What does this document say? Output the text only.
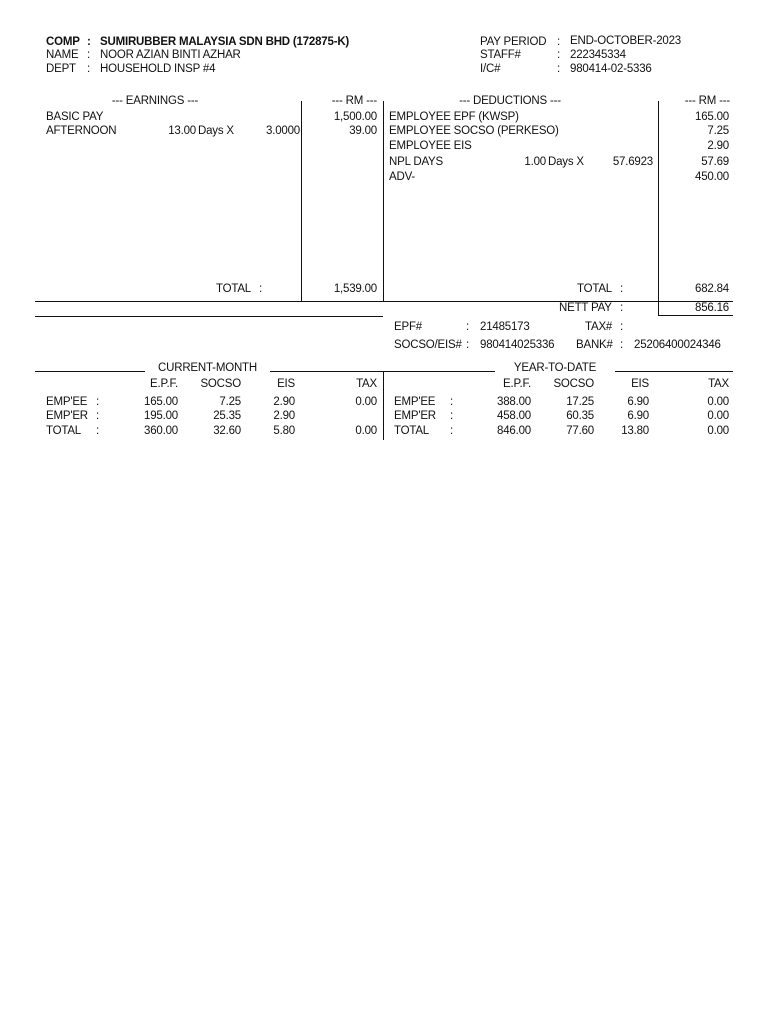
COMP : SUMIRUBBER MALAYSIA SDN BHD (172875-K)
NAME : NOOR AZIAN BINTI AZHAR
DEPT : HOUSEHOLD INSP #4
PAY PERIOD : END-OCTOBER-2023
STAFF#	: 222345334
I/C#	: 980414-02-5336
--- EARNINGS ---	--- RM ---	--- DEDUCTIONS ---	--- RM ---
BASIC PAY	1,500.00
AFTERNOON	13.00 Days X	3.0000	39.00
EMPLOYEE EPF (KWSP)	165.00
EMPLOYEE SOCSO (PERKESO)	7.25
EMPLOYEE EIS	2.90
NPL DAYS	1.00 Days X	57.6923	57.69
ADV-	450.00
TOTAL :	1,539.00	TOTAL :	682.84
NETT PAY :	856.16
EPF#	: 21485173	TAX# :
SOCSO/EIS# : 980414025336 BANK# : 25206400024346
CURRENT-MONTH
E.P.F.	SOCSO	EIS	TAX
EMP'EE :	165.00	7.25	2.90	0.00
EMP'ER :	195.00	25.35	2.90
TOTAL :	360.00	32.60	5.80	0.00
YEAR-TO-DATE
E.P.F.	SOCSO	EIS	TAX
EMP'EE :	388.00	17.25	6.90	0.00
EMP'ER :	458.00	60.35	6.90	0.00
TOTAL :	846.00	77.60	13.80	0.00
